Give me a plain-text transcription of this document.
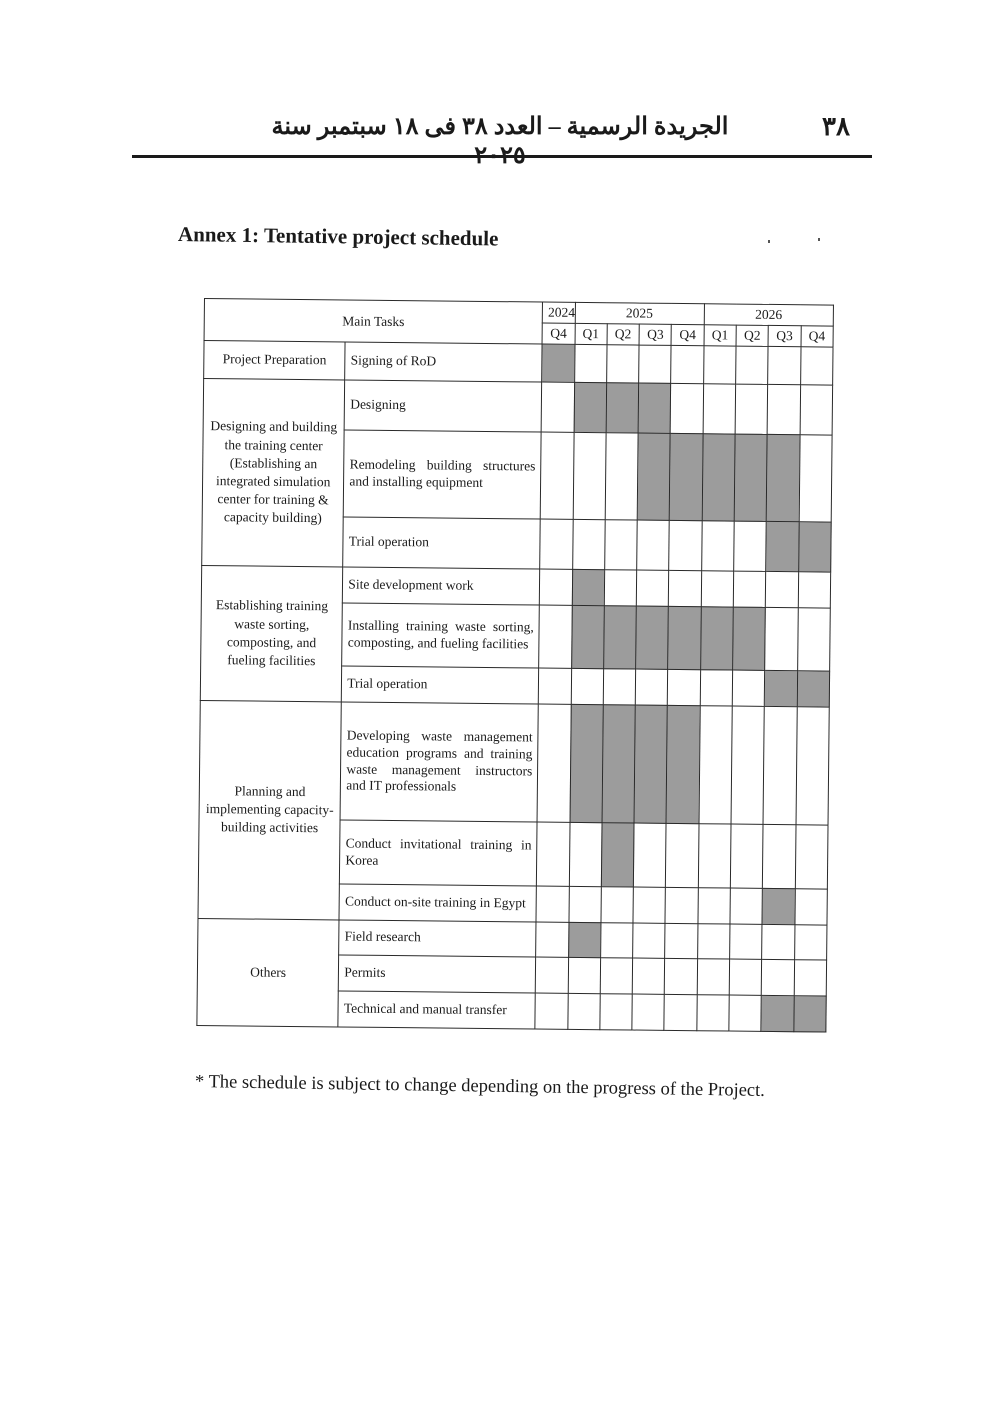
٣٨
الجريدة الرسمية – العدد ٣٨ فى ١٨ سبتمبر سنة ٢٠٢٥
Annex 1: Tentative project schedule
Main Tasks		2024	2025				2026			
		Q4	Q1	Q2	Q3	Q4	Q1	Q2	Q3	Q4
Project Preparation	Signing of RoD									
Designing and building the training center (Establishing an integrated simulation center for training & capacity building)	Designing									
	Remodeling building structures and installing equipment									
	Trial operation									
Establishing training waste sorting, composting, and fueling facilities	Site development work									
	Installing training waste sorting, composting, and fueling facilities									
	Trial operation									
Planning and implementing capacity-building activities	Developing waste management education programs and training waste management instructors and IT professionals									
	Conduct invitational training in Korea									
	Conduct on-site training in Egypt									
Others	Field research									
	Permits									
	Technical and manual transfer									
* The schedule is subject to change depending on the progress of the Project.
